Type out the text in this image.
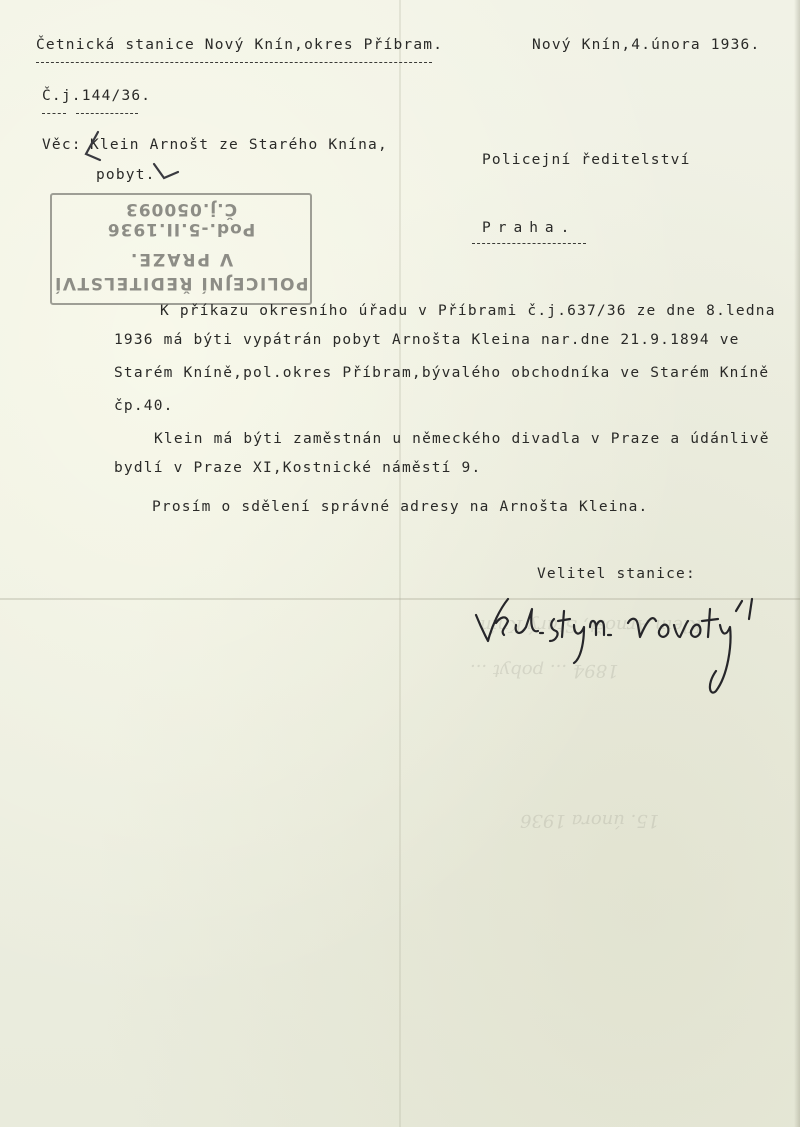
Klein Arnošt, Starý Knín
1894 ... pobyt ...
15. února 1936
Četnická stanice Nový Knín,okres Příbram.	Nový Knín,4.února 1936.
Č.j.144/36.
Věc: Klein Arnošt ze Starého Knína,
pobyt.
Policejní ředitelství
Praha.
POLICEJNÍ ŘEDITELSTVÍ
V PRAZE.
Pod.-5.II.1936 Č.j.050093
K příkazu okresního úřadu v Příbrami č.j.637/36 ze dne 8.ledna
1936 má býti vypátrán pobyt Arnošta Kleina nar.dne 21.9.1894 ve
Starém Kníně,pol.okres Příbram,bývalého obchodníka ve Starém Kníně
čp.40.
Klein má býti zaměstnán u německého divadla v Praze a údánlivě
bydlí v Praze XI,Kostnické náměstí 9.
Prosím o sdělení správné adresy na Arnošta Kleina.
Velitel stanice:
